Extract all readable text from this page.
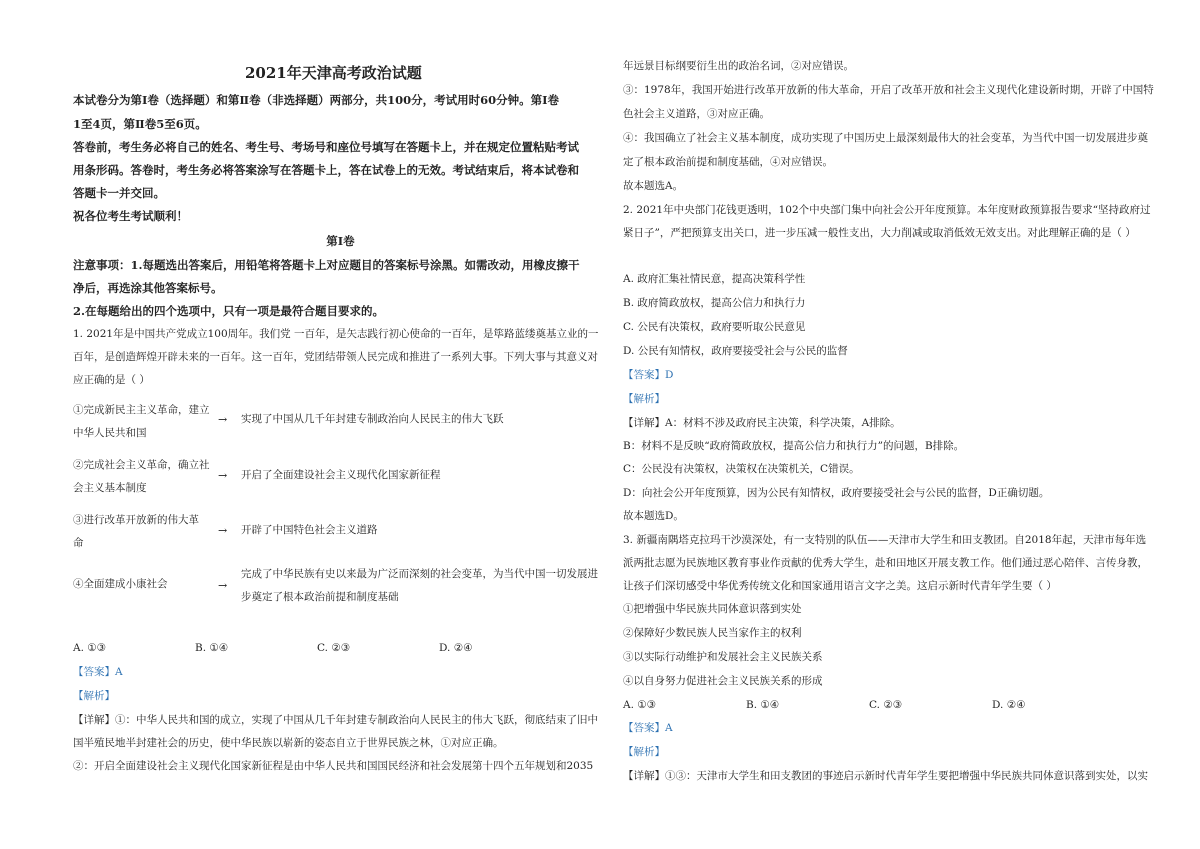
2021年天津高考政治试题
本试卷分为第Ⅰ卷（选择题）和第Ⅱ卷（非选择题）两部分，共100分，考试用时60分钟。第Ⅰ卷
1至4页，第Ⅱ卷5至6页。
答卷前，考生务必将自己的姓名、考生号、考场号和座位号填写在答题卡上，并在规定位置粘贴考试
用条形码。答卷时，考生务必将答案涂写在答题卡上，答在试卷上的无效。考试结束后，将本试卷和
答题卡一并交回。
祝各位考生考试顺利！
第Ⅰ卷
注意事项：1.每题选出答案后，用铅笔将答题卡上对应题目的答案标号涂黑。如需改动，用橡皮擦干
净后，再选涂其他答案标号。
2.在每题给出的四个选项中，只有一项是最符合题目要求的。
1. 2021年是中国共产党成立100周年。我们党 一百年，是矢志践行初心使命的一百年，是筚路蓝缕奠基立业的一
百年，是创造辉煌开辟未来的一百年。这一百年，党团结带领人民完成和推进了一系列大事。下列大事与其意义对
应正确的是（ ）
①完成新民主主义革命，建立
中华人民共和国
→ 实现了中国从几千年封建专制政治向人民民主的伟大飞跃
②完成社会主义革命，确立社
会主义基本制度
→ 开启了全面建设社会主义现代化国家新征程
③进行改革开放新的伟大革
命
→ 开辟了中国特色社会主义道路
④全面建成小康社会	→
完成了中华民族有史以来最为广泛而深刻的社会变革，为当代中国一切发展进
步奠定了根本政治前提和制度基础
A. ①③	B. ①④	C. ②③	D. ②④
【答案】A
【解析】
【详解】①：中华人民共和国的成立，实现了中国从几千年封建专制政治向人民民主的伟大飞跃，彻底结束了旧中
国半殖民地半封建社会的历史，使中华民族以崭新的姿态自立于世界民族之林，①对应正确。
②：开启全面建设社会主义现代化国家新征程是由中华人民共和国国民经济和社会发展第十四个五年规划和2035
年远景目标纲要衍生出的政治名词，②对应错误。
③：1978年，我国开始进行改革开放新的伟大革命，开启了改革开放和社会主义现代化建设新时期，开辟了中国特
色社会主义道路，③对应正确。
④：我国确立了社会主义基本制度，成功实现了中国历史上最深刻最伟大的社会变革，为当代中国一切发展进步奠
定了根本政治前提和制度基础，④对应错误。
故本题选A。
2. 2021年中央部门花钱更透明，102个中央部门集中向社会公开年度预算。本年度财政预算报告要求“坚持政府过
紧日子”，严把预算支出关口，进一步压减一般性支出，大力削减或取消低效无效支出。对此理解正确的是（ ）
A. 政府汇集社情民意，提高决策科学性
B. 政府简政放权，提高公信力和执行力
C. 公民有决策权，政府要听取公民意见
D. 公民有知情权，政府要接受社会与公民的监督
【答案】D
【解析】
【详解】A：材料不涉及政府民主决策，科学决策，A排除。
B：材料不是反映“政府简政放权，提高公信力和执行力”的问题，B排除。
C：公民没有决策权，决策权在决策机关，C错误。
D：向社会公开年度预算，因为公民有知情权，政府要接受社会与公民的监督，D正确切题。
故本题选D。
3. 新疆南隅塔克拉玛干沙漠深处，有一支特别的队伍——天津市大学生和田支教团。自2018年起，天津市每年选
派两批志愿为民族地区教育事业作贡献的优秀大学生，赴和田地区开展支教工作。他们通过恶心陪伴、言传身教，
让孩子们深切感受中华优秀传统文化和国家通用语言文字之美。这启示新时代青年学生要（ ）
①把增强中华民族共同体意识落到实处
②保障好少数民族人民当家作主的权利
③以实际行动维护和发展社会主义民族关系
④以自身努力促进社会主义民族关系的形成
A. ①③	B. ①④	C. ②③	D. ②④
【答案】A
【解析】
【详解】①③：天津市大学生和田支教团的事迹启示新时代青年学生要把增强中华民族共同体意识落到实处，以实
